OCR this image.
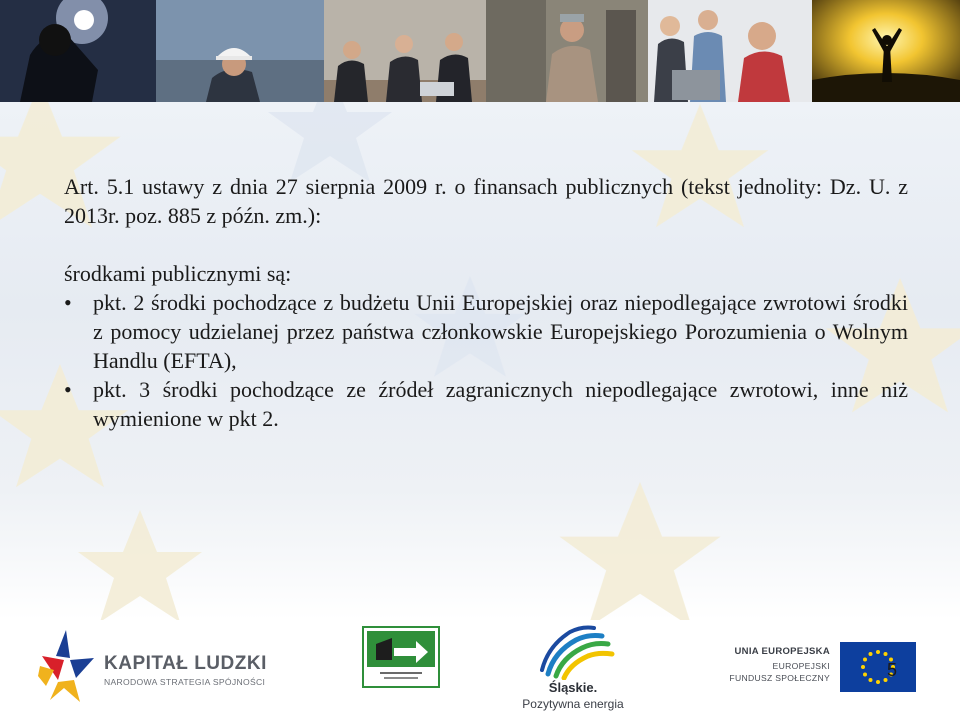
Art. 5.1 ustawy z dnia 27 sierpnia 2009 r. o finansach publicznych (tekst jednolity: Dz. U. z 2013r. poz. 885 z późn. zm.):

środkami publicznymi są:

• pkt. 2 środki pochodzące z budżetu Unii Europejskiej oraz niepodlegające zwrotowi środki z pomocy udzielanej przez państwa członkowskie Europejskiego Porozumienia o Wolnym Handlu (EFTA),
• pkt. 3 środki pochodzące ze źródeł zagranicznych niepodlegające zwrotowi, inne niż wymienione w pkt 2.
KAPITAŁ LUDZKI
NARODOWA STRATEGIA SPÓJNOŚCI	Śląskie.
Pozytywna energia
UNIA EUROPEJSKA
EUROPEJSKI
FUNDUSZ SPOŁECZNY	5
